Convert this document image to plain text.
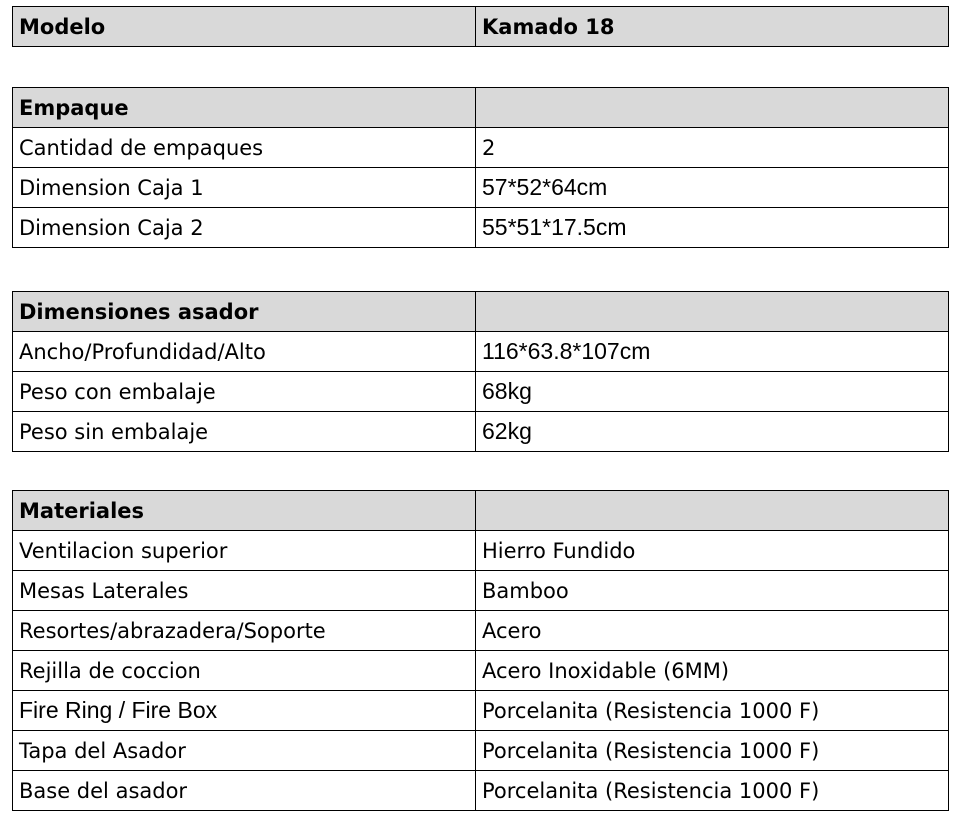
Modelo	Kamado 18
Empaque	
Cantidad de empaques	2
Dimension Caja 1	57*52*64cm
Dimension Caja 2	55*51*17.5cm
Dimensiones asador	
Ancho/Profundidad/Alto	116*63.8*107cm
Peso con embalaje	68kg
Peso sin embalaje	62kg
Materiales	
Ventilacion superior	Hierro Fundido
Mesas Laterales	Bamboo
Resortes/abrazadera/Soporte	Acero
Rejilla de coccion	Acero Inoxidable (6MM)
Fire Ring / Fire Box	Porcelanita (Resistencia 1000 F)
Tapa del Asador	Porcelanita (Resistencia 1000 F)
Base del asador	Porcelanita (Resistencia 1000 F)
